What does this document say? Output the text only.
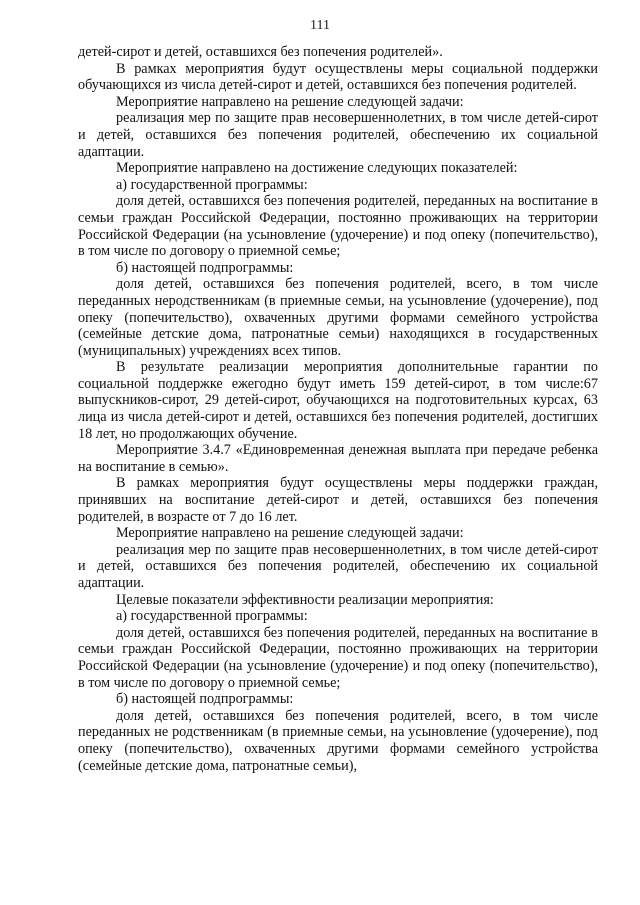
111

детей-сирот и детей, оставшихся без попечения родителей».

В рамках мероприятия будут осуществлены меры социальной поддержки обучающихся из числа детей-сирот и детей, оставшихся без попечения родителей.

Мероприятие направлено на решение следующей задачи:

реализация мер по защите прав несовершеннолетних, в том числе детей-сирот и детей, оставшихся без попечения родителей, обеспечению их социальной адаптации.

Мероприятие направлено на достижение следующих показателей:

а) государственной программы:

доля детей, оставшихся без попечения родителей, переданных на воспитание в семьи граждан Российской Федерации, постоянно проживающих на территории Российской Федерации (на усыновление (удочерение) и под опеку (попечительство), в том числе по договору о приемной семье;

б) настоящей подпрограммы:

доля детей, оставшихся без попечения родителей, всего, в том числе переданных неродственникам (в приемные семьи, на усыновление (удочерение), под опеку (попечительство), охваченных другими формами семейного устройства (семейные детские дома, патронатные семьи) находящихся в государственных (муниципальных) учреждениях всех типов.

В результате реализации мероприятия дополнительные гарантии по социальной поддержке ежегодно будут иметь 159 детей-сирот, в том числе:67 выпускников-сирот, 29 детей-сирот, обучающихся на подготовительных курсах, 63 лица из числа детей-сирот и детей, оставшихся без попечения родителей, достигших 18 лет, но продолжающих обучение.

Мероприятие 3.4.7 «Единовременная денежная выплата при передаче ребенка на воспитание в семью».

В рамках мероприятия будут осуществлены меры поддержки граждан, принявших на воспитание детей-сирот и детей, оставшихся без попечения родителей, в возрасте от 7 до 16 лет.

Мероприятие направлено на решение следующей задачи:

реализация мер по защите прав несовершеннолетних, в том числе детей-сирот и детей, оставшихся без попечения родителей, обеспечению их социальной адаптации.

Целевые показатели эффективности реализации мероприятия:

а) государственной программы:

доля детей, оставшихся без попечения родителей, переданных на воспитание в семьи граждан Российской Федерации, постоянно проживающих на территории Российской Федерации (на усыновление (удочерение) и под опеку (попечительство), в том числе по договору о приемной семье;

б) настоящей подпрограммы:

доля детей, оставшихся без попечения родителей, всего, в том числе переданных не родственникам (в приемные семьи, на усыновление (удочерение), под опеку (попечительство), охваченных другими формами семейного устройства (семейные детские дома, патронатные семьи),
